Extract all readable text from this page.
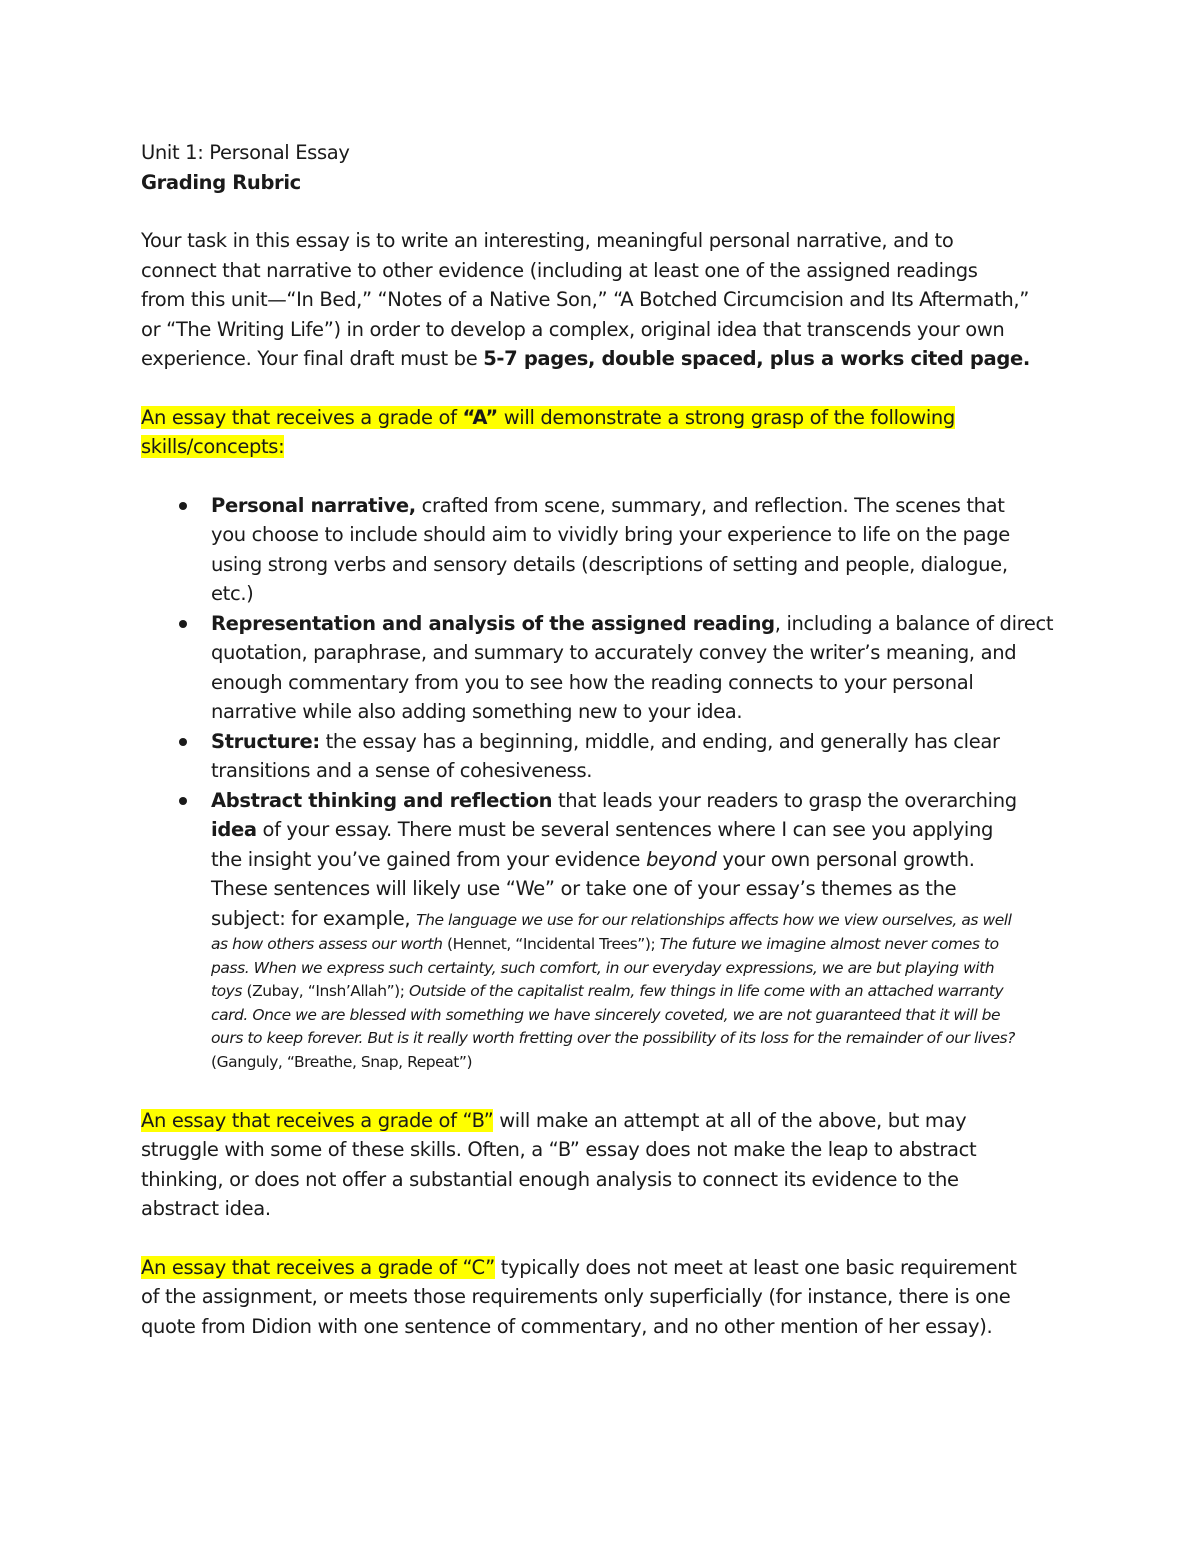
Unit 1: Personal Essay
Grading Rubric
Your task in this essay is to write an interesting, meaningful personal narrative, and to
connect that narrative to other evidence (including at least one of the assigned readings
from this unit—“In Bed,” “Notes of a Native Son,” “A Botched Circumcision and Its Aftermath,”
or “The Writing Life”) in order to develop a complex, original idea that transcends your own
experience. Your final draft must be 5-7 pages, double spaced, plus a works cited page.
An essay that receives a grade of “A” will demonstrate a strong grasp of the following
skills/concepts:
Personal narrative, crafted from scene, summary, and reflection. The scenes that
you choose to include should aim to vividly bring your experience to life on the page
using strong verbs and sensory details (descriptions of setting and people, dialogue,
etc.)
Representation and analysis of the assigned reading, including a balance of direct
quotation, paraphrase, and summary to accurately convey the writer’s meaning, and
enough commentary from you to see how the reading connects to your personal
narrative while also adding something new to your idea.
Structure: the essay has a beginning, middle, and ending, and generally has clear
transitions and a sense of cohesiveness.
Abstract thinking and reflection that leads your readers to grasp the overarching
idea of your essay. There must be several sentences where I can see you applying
the insight you’ve gained from your evidence beyond your own personal growth.
These sentences will likely use “We” or take one of your essay’s themes as the
subject: for example, The language we use for our relationships affects how we view ourselves, as well
as how others assess our worth (Hennet, “Incidental Trees”); The future we imagine almost never comes to
pass. When we express such certainty, such comfort, in our everyday expressions, we are but playing with
toys (Zubay, “Insh’Allah”); Outside of the capitalist realm, few things in life come with an attached warranty
card. Once we are blessed with something we have sincerely coveted, we are not guaranteed that it will be
ours to keep forever. But is it really worth fretting over the possibility of its loss for the remainder of our lives?
(Ganguly, “Breathe, Snap, Repeat”)
An essay that receives a grade of “B” will make an attempt at all of the above, but may
struggle with some of these skills. Often, a “B” essay does not make the leap to abstract
thinking, or does not offer a substantial enough analysis to connect its evidence to the
abstract idea.
An essay that receives a grade of “C” typically does not meet at least one basic requirement
of the assignment, or meets those requirements only superficially (for instance, there is one
quote from Didion with one sentence of commentary, and no other mention of her essay).
